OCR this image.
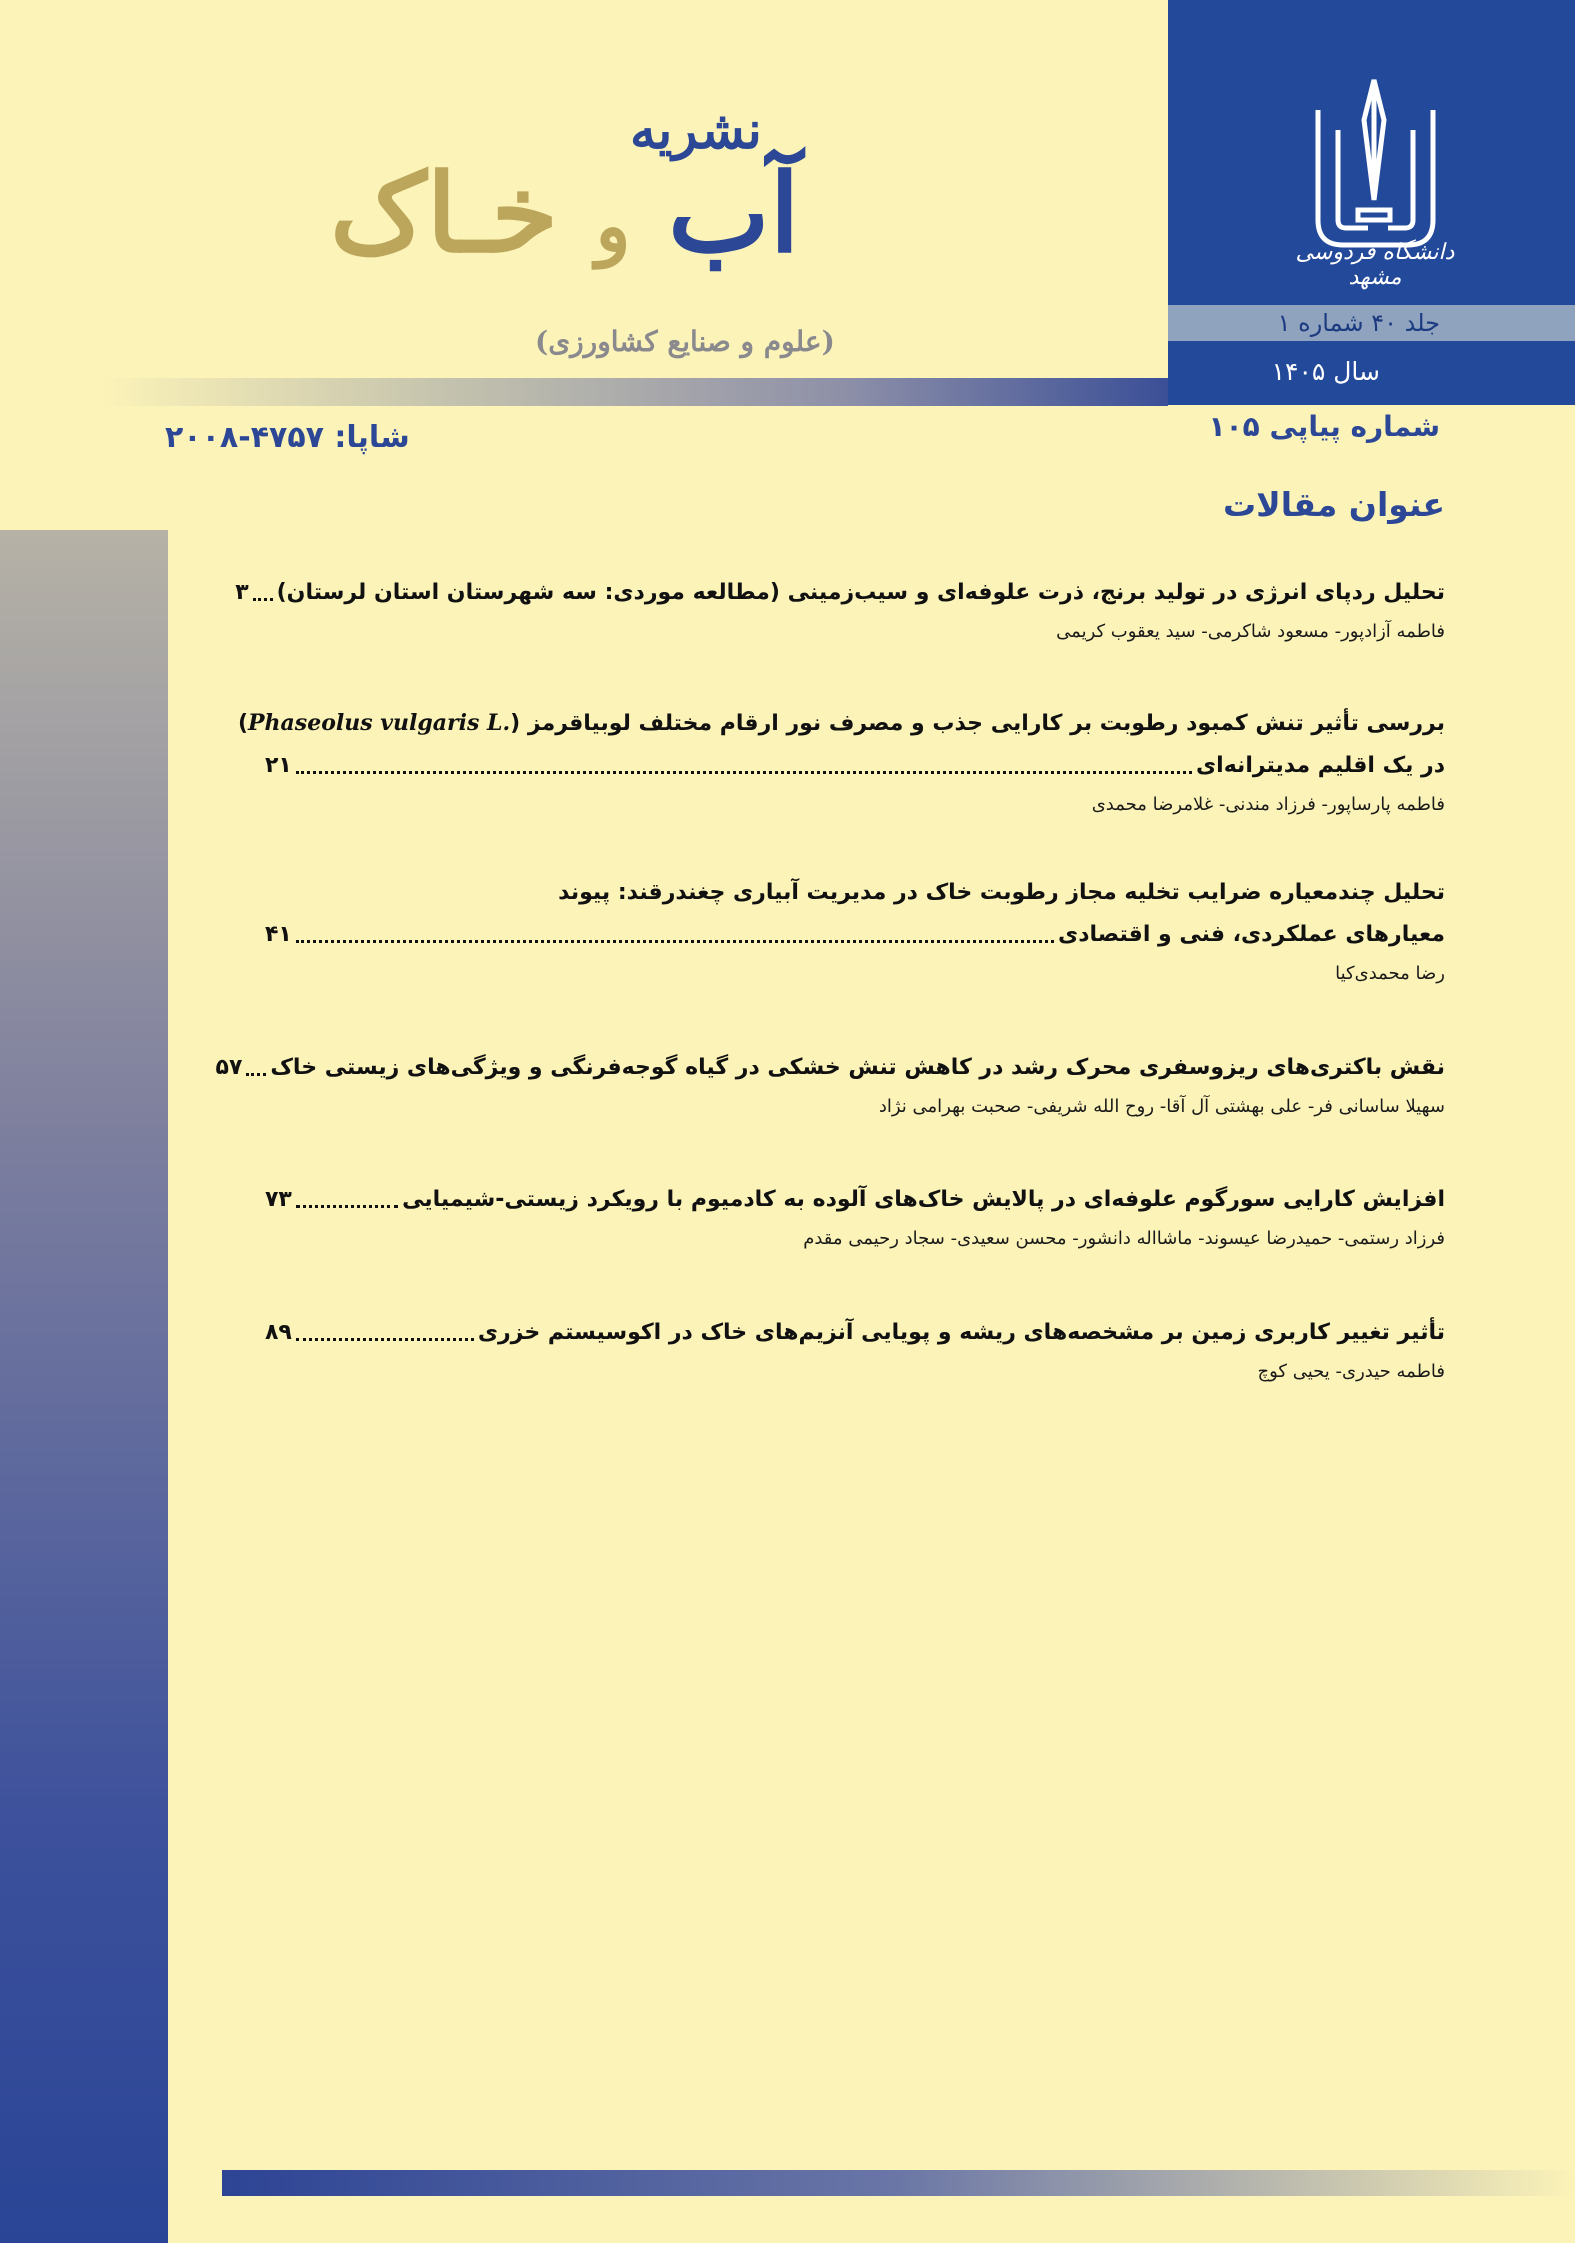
دانشگاه فردوسی مشهد
جلد ۴۰ شماره ۱
سال ۱۴۰۵
نشریه
آب و خـاک
(علوم و صنایع کشاورزی)
شاپا: ۴۷۵۷-۲۰۰۸	شماره پیاپی ۱۰۵
عنوان مقالات
تحلیل ردپای انرژی در تولید برنج، ذرت علوفه‌ای و سیب‌زمینی (مطالعه موردی: سه شهرستان استان لرستان)
۳
فاطمه آزادپور- مسعود شاکرمی- سید یعقوب کریمی
بررسی تأثیر تنش کمبود رطوبت بر کارایی جذب و مصرف نور ارقام مختلف لوبیاقرمز (Phaseolus vulgaris L.)
در یک اقلیم مدیترانه‌ای
۲۱
فاطمه پارساپور- فرزاد مندنی- غلامرضا محمدی
تحلیل چندمعیاره ضرایب تخلیه مجاز رطوبت خاک در مدیریت آبیاری چغندرقند: پیوند
معیارهای عملکردی، فنی و اقتصادی
۴۱
رضا محمدی‌کیا
نقش باکتری‌های ریزوسفری محرک رشد در کاهش تنش خشکی در گیاه گوجه‌فرنگی و ویژگی‌های زیستی خاک
۵۷
سهیلا ساسانی فر- علی بهشتی آل آقا- روح الله شریفی- صحبت بهرامی نژاد
افزایش کارایی سورگوم علوفه‌ای در پالایش خاک‌های آلوده به کادمیوم با رویکرد زیستی-شیمیایی
۷۳
فرزاد رستمی- حمیدرضا عیسوند- ماشااله دانشور- محسن سعیدی- سجاد رحیمی مقدم
تأثیر تغییر کاربری زمین بر مشخصه‌های ریشه و پویایی آنزیم‌های خاک در اکوسیستم خزری
۸۹
فاطمه حیدری- یحیی کوچ
